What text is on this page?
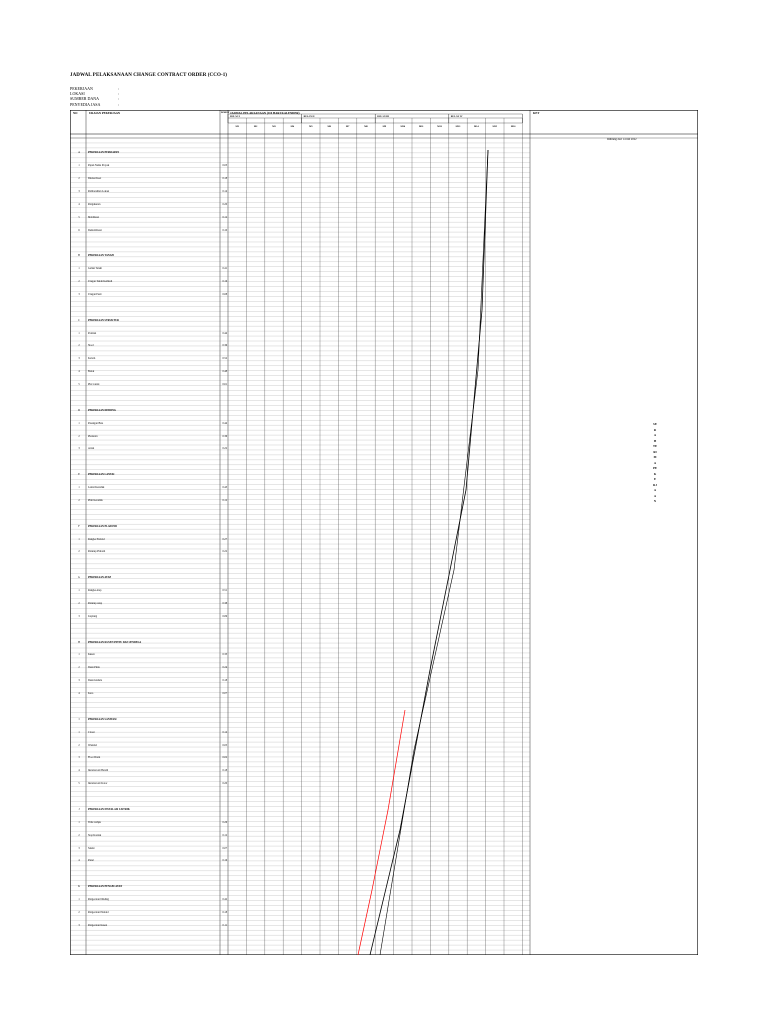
JADWAL PELAKSANAAN CHANGE CONTRACT ORDER (CCO-1)
PEKERJAAN	:
LOKASI	:
SUMBER DANA	:
PENYEDIA JASA	:
NO	URAIAN PEKERJAAN	BOBOT JADWAL PELAKSANAAN (110 HARI KALENDER)	KET
BULAN I	BULAN II	BULAN III	BULAN IV
M1	M2	M3	M4	M5	M6	M7	M8	M9	M10	M11	M12	M13	M14	M15	M16
A	PEKERJAAN PERSIAPAN
1	Papan Nama Proyek	0.03
2	Direksi Keet	0.18
3	Pembersihan Lokasi	0.14
4	Pengukuran	0.20
5	Mobilisasi	0.12
6	Demobilisasi	0.10
B	PEKERJAAN TANAH
1	Galian Tanah	0.41
2	Urugan Tanah Kembali	0.16
3	Urugan Pasir	0.08
C	PEKERJAAN STRUKTUR
1	Pondasi	0.44
2	Sloof	0.36
3	Kolom	0.52
4	Balok	0.48
5	Plat Lantai	0.61
D	PEKERJAAN DINDING
1	Pasangan Bata	0.44
2	Plesteran	0.36
3	Acian	0.22
E	PEKERJAAN LANTAI
1	Lantai Keramik	0.43
2	Plint Keramik	0.12
F	PEKERJAAN PLAFOND
1	Rangka Plafond	0.27
2	Penutup Plafond	0.22
G	PEKERJAAN ATAP
1	Rangka Atap	0.51
2	Penutup Atap	0.38
3	Lisplang	0.09
H	PEKERJAAN KUSEN PINTU DAN JENDELA
1	Kusen	0.33
2	Daun Pintu	0.24
3	Daun Jendela	0.18
4	Kaca	0.07
I	PEKERJAAN SANITASI
1	Closet	0.14
2	Wastafel	0.05
3	Floor Drain	0.02
4	Instalasi Air Bersih	0.18
5	Instalasi Air Kotor	0.20
J	PEKERJAAN INSTALASI LISTRIK
1	Titik Lampu	0.26
2	Stop Kontak	0.12
3	Saklar	0.07
4	Panel	0.16
K	PEKERJAAN PENGECATAN
1	Pengecatan Dinding	0.42
2	Pengecatan Plafond	0.18
3	Pengecatan Kusen	0.11
Dihitung dari 14 Juli 2022
SERAH TERIMA PEKERJAAN
